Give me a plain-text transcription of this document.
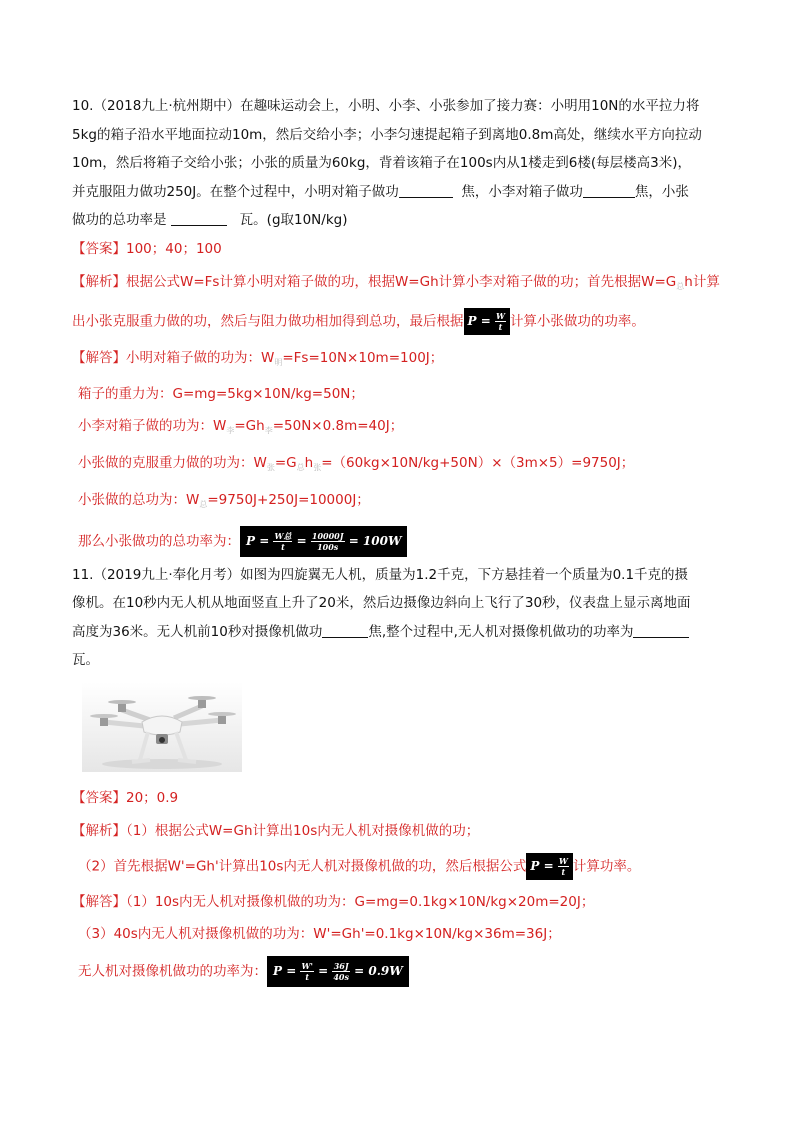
10.（2018九上·杭州期中）在趣味运动会上，小明、小李、小张参加了接力赛：小明用10N的水平拉力将

5kg的箱子沿水平地面拉动10m，然后交给小李；小李匀速提起箱子到离地0.8m高处，继续水平方向拉动

10m，然后将箱子交给小张；小张的质量为60kg，背着该箱子在100s内从1楼走到6楼(每层楼高3米)，

并克服阻力做功250J。在整个过程中，小明对箱子做功	焦，小李对箱子做功	焦，小张

做功的总功率是	瓦。(g取10N/kg)

【答案】100；40；100

【解析】根据公式W=Fs计算小明对箱子做的功，根据W=Gh计算小李对箱子做的功；首先根据$W=G_总h$计算

出小张克服重力做的功，然后与阻力做功相加得到总功，最后根据 $P = \frac{W}{t}$ 计算小张做功的功率。

【解答】小明对箱子做的功为：$W_明=Fs=10N\times 10m=100J$；

箱子的重力为：G=mg=5kg×10N/kg=50N；

小李对箱子做的功为：$W_李=Gh_李=50N\times 0.8m=40J$；

小张做的克服重力做的功为：$W_张=G_总h_张=(60kg\times 10N/kg+50N)\times(3m\times 5)=9750J$；

小张做的总功为：$W_总=9750J+250J=10000J$；

那么小张做功的总功率为： $P = \frac{\text{W总}}{t} = \frac{10000J}{100s} = 100W$

11.（2019九上·奉化月考）如图为四旋翼无人机，质量为1.2千克，下方悬挂着一个质量为0.1千克的摄

像机。在10秒内无人机从地面竖直上升了20米，然后边摄像边斜向上飞行了30秒，仪表盘上显示离地面

高度为36米。无人机前10秒对摄像机做功	焦,整个过程中,无人机对摄像机做功的功率为

瓦。

【答案】20；0.9

【解析】（1）根据公式W=Gh计算出10s内无人机对摄像机做的功；

（2）首先根据W'=Gh'计算出10s内无人机对摄像机做的功，然后根据公式 $P = \frac{W}{t}$ 计算功率。

【解答】（1）10s内无人机对摄像机做的功为：G=mg=0.1kg×10N/kg×20m=20J；

（3）40s内无人机对摄像机做的功为：W'=Gh'=0.1kg×10N/kg×36m=36J；

无人机对摄像机做功的功率为： $P = \frac{W'}{t} = \frac{36J}{40s} = 0.9W$
